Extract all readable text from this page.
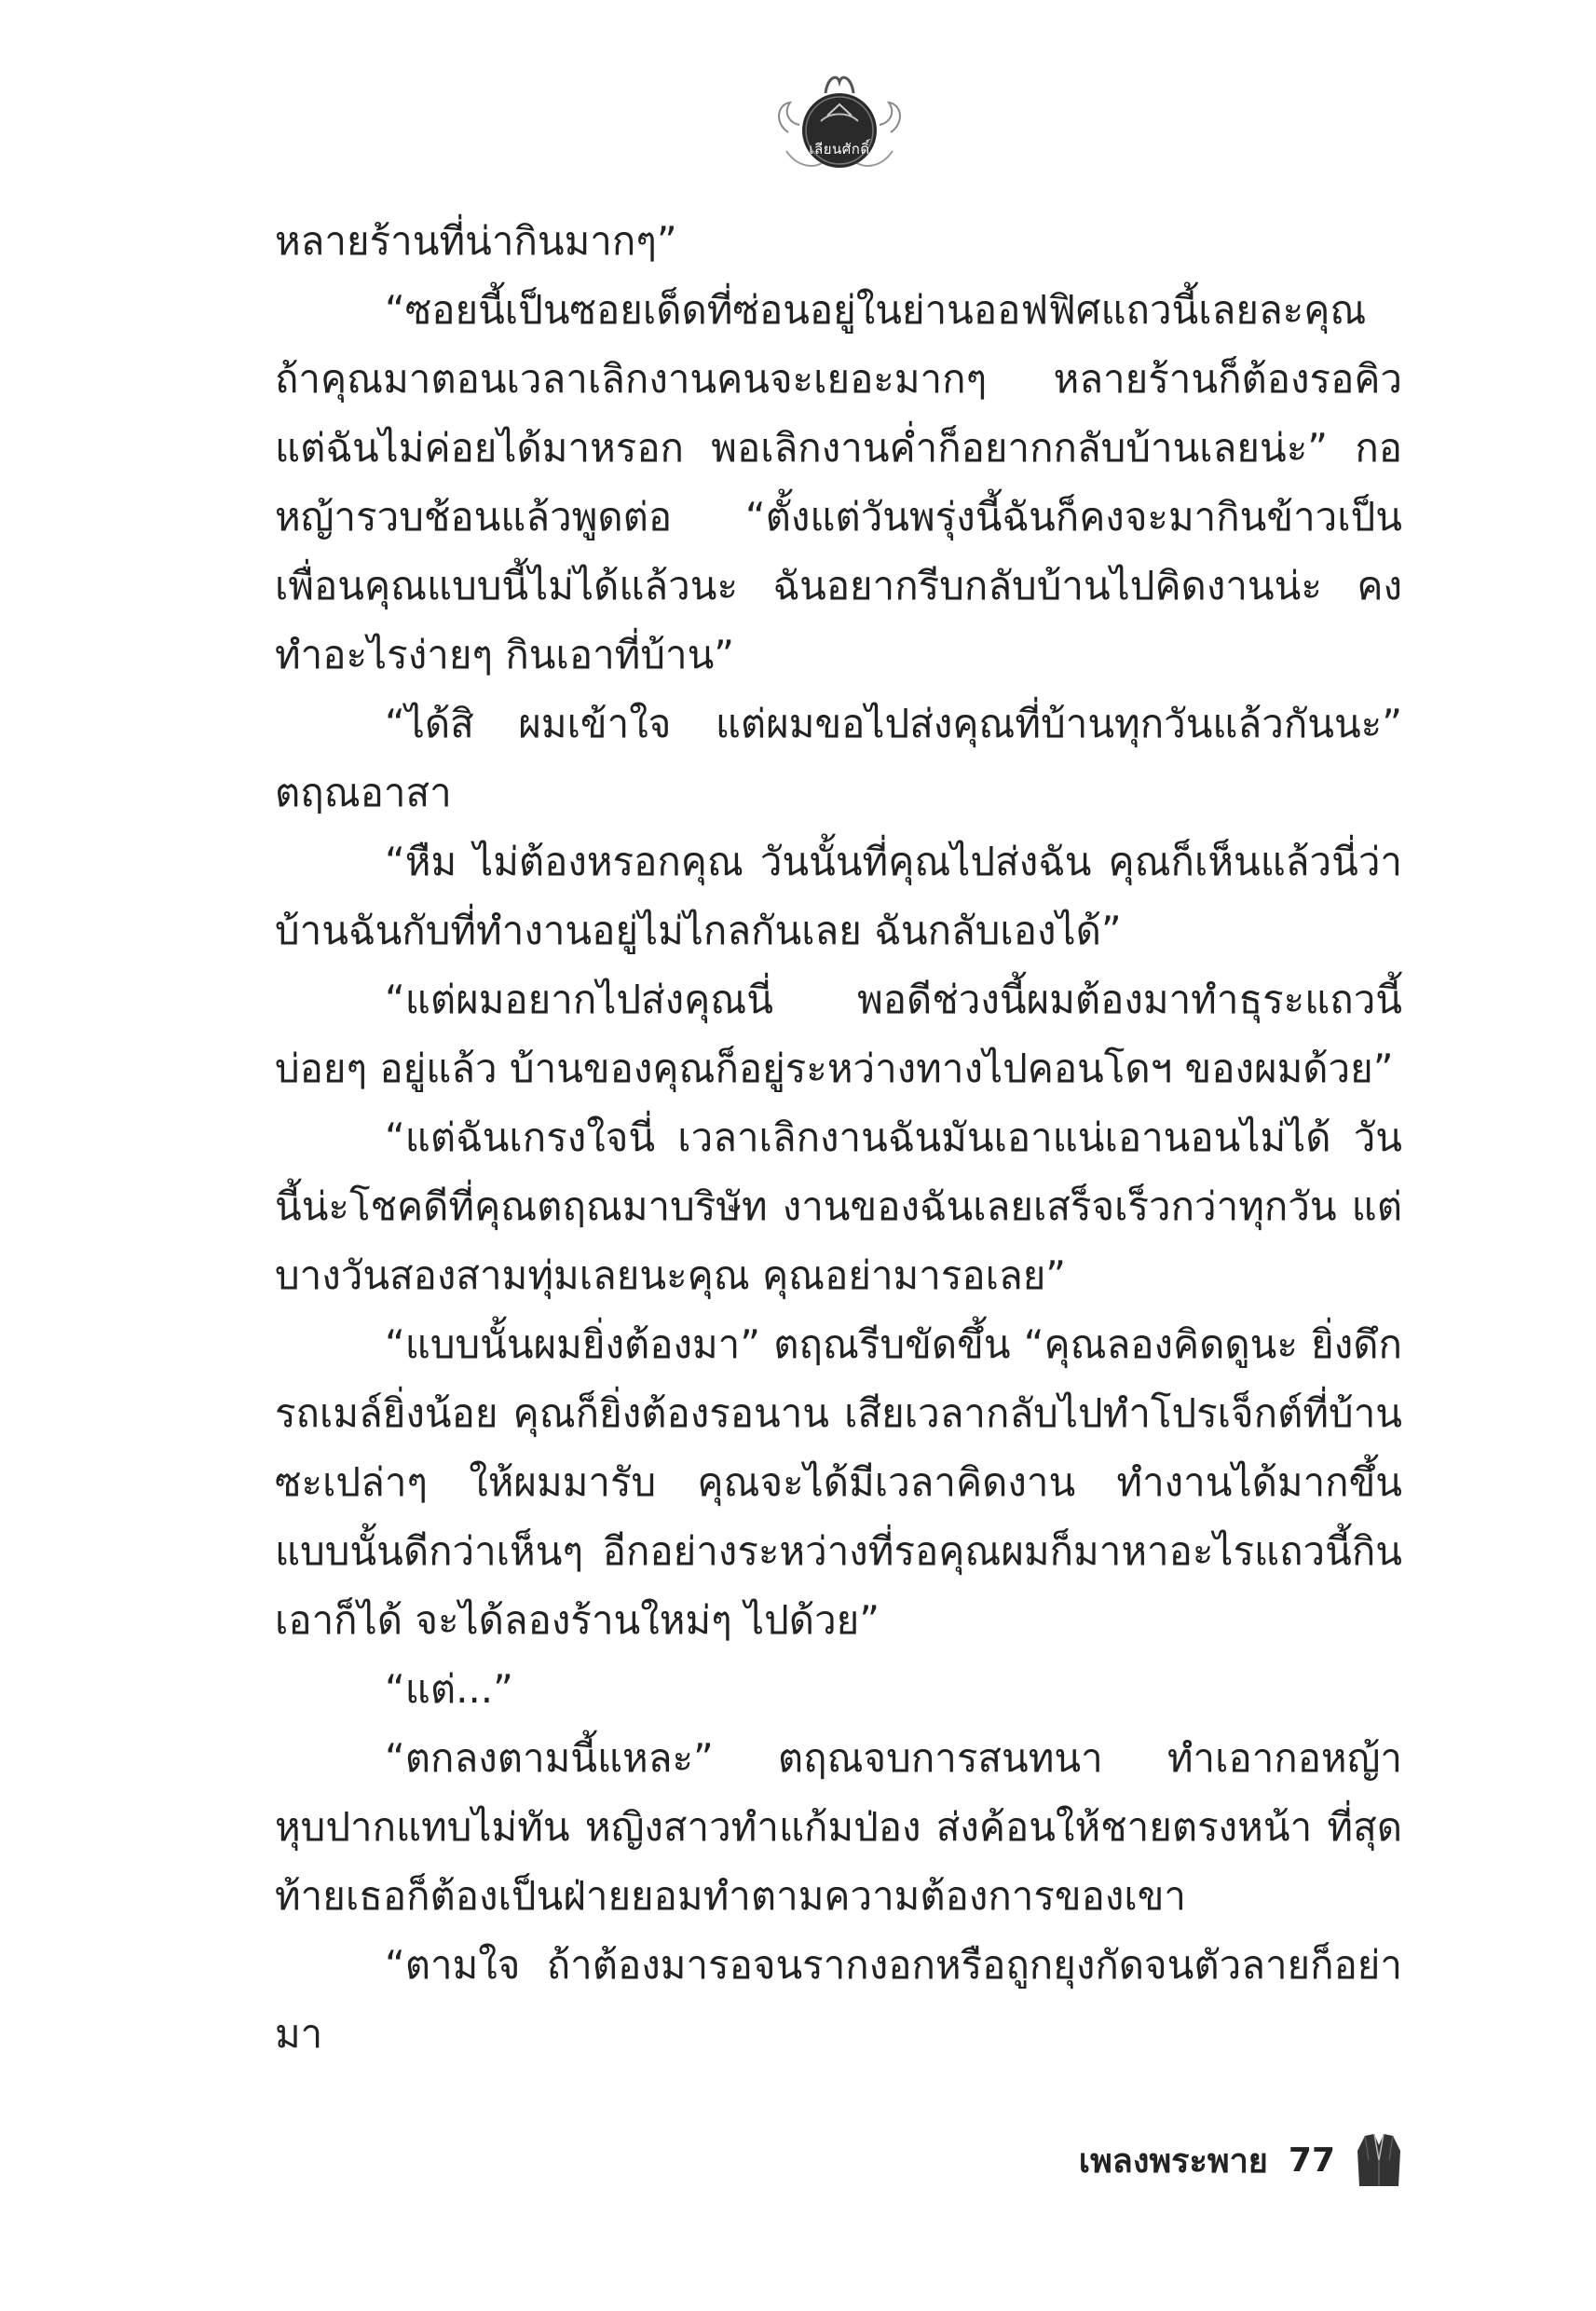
เลียนศักดิ์

หลายร้านที่น่ากินมากๆ”

“ซอยนี้เป็นซอยเด็ดที่ซ่อนอยู่ในย่านออฟฟิศแถวนี้เลยละคุณ ถ้าคุณมาตอนเวลาเลิกงานคนจะเยอะมากๆ หลายร้านก็ต้องรอคิว แต่ฉันไม่ค่อยได้มาหรอก พอเลิกงานค่ำก็อยากกลับบ้านเลยน่ะ” กอหญ้ารวบช้อนแล้วพูดต่อ “ตั้งแต่วันพรุ่งนี้ฉันก็คงจะมากินข้าวเป็นเพื่อนคุณแบบนี้ไม่ได้แล้วนะ ฉันอยากรีบกลับบ้านไปคิดงานน่ะ คงทำอะไรง่ายๆ กินเอาที่บ้าน”

“ได้สิ ผมเข้าใจ แต่ผมขอไปส่งคุณที่บ้านทุกวันแล้วกันนะ” ตฤณอาสา

“หืม ไม่ต้องหรอกคุณ วันนั้นที่คุณไปส่งฉัน คุณก็เห็นแล้วนี่ว่าบ้านฉันกับที่ทำงานอยู่ไม่ไกลกันเลย ฉันกลับเองได้”

“แต่ผมอยากไปส่งคุณนี่ พอดีช่วงนี้ผมต้องมาทำธุระแถวนี้บ่อยๆ อยู่แล้ว บ้านของคุณก็อยู่ระหว่างทางไปคอนโดฯ ของผมด้วย”

“แต่ฉันเกรงใจนี่ เวลาเลิกงานฉันมันเอาแน่เอานอนไม่ได้ วันนี้น่ะโชคดีที่คุณตฤณมาบริษัท งานของฉันเลยเสร็จเร็วกว่าทุกวัน แต่บางวันสองสามทุ่มเลยนะคุณ คุณอย่ามารอเลย”

“แบบนั้นผมยิ่งต้องมา” ตฤณรีบขัดขึ้น “คุณลองคิดดูนะ ยิ่งดึกรถเมล์ยิ่งน้อย คุณก็ยิ่งต้องรอนาน เสียเวลากลับไปทำโปรเจ็กต์ที่บ้านซะเปล่าๆ ให้ผมมารับ คุณจะได้มีเวลาคิดงาน ทำงานได้มากขึ้น แบบนั้นดีกว่าเห็นๆ อีกอย่างระหว่างที่รอคุณผมก็มาหาอะไรแถวนี้กินเอาก็ได้ จะได้ลองร้านใหม่ๆ ไปด้วย”

“แต่...”

“ตกลงตามนี้แหละ” ตฤณจบการสนทนา ทำเอากอหญ้าหุบปากแทบไม่ทัน หญิงสาวทำแก้มป่อง ส่งค้อนให้ชายตรงหน้า ที่สุดท้ายเธอก็ต้องเป็นฝ่ายยอมทำตามความต้องการของเขา

“ตามใจ ถ้าต้องมารอจนรากงอกหรือถูกยุงกัดจนตัวลายก็อย่ามา

เพลงพระพาย 77
